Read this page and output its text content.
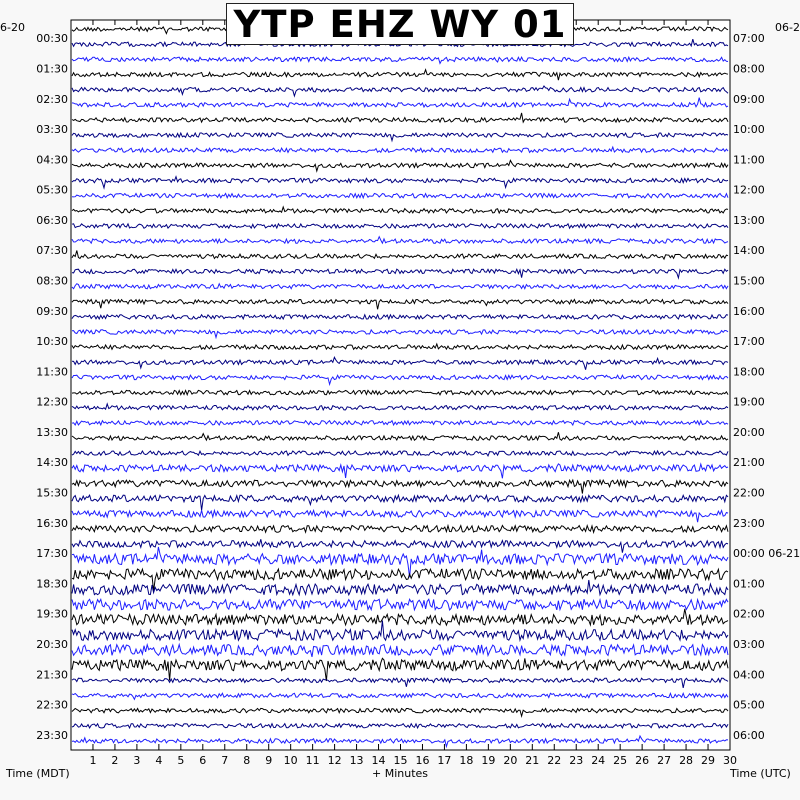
1 2 3 4 5 6 7 8 9 10 11 12 13 14 15 16 17 18 19 20 21 22 23 24 25 26 27 28 29 30
00:30
01:30
02:30
03:30
04:30
05:30
06:30
07:30
08:30
09:30
10:30
11:30
12:30
13:30
14:30
15:30
16:30
17:30
18:30
19:30
20:30
21:30
22:30
23:30
07:00
08:00
09:00
10:00
11:00
12:00
13:00
14:00
15:00
16:00
17:00
18:00
19:00
20:00
21:00
22:00
23:00
00:00 06-21
01:00
02:00
03:00
04:00
05:00
06:00
YTP EHZ WY 01
6-20	06-2
Time (MDT)	+ Minutes	Time (UTC)
